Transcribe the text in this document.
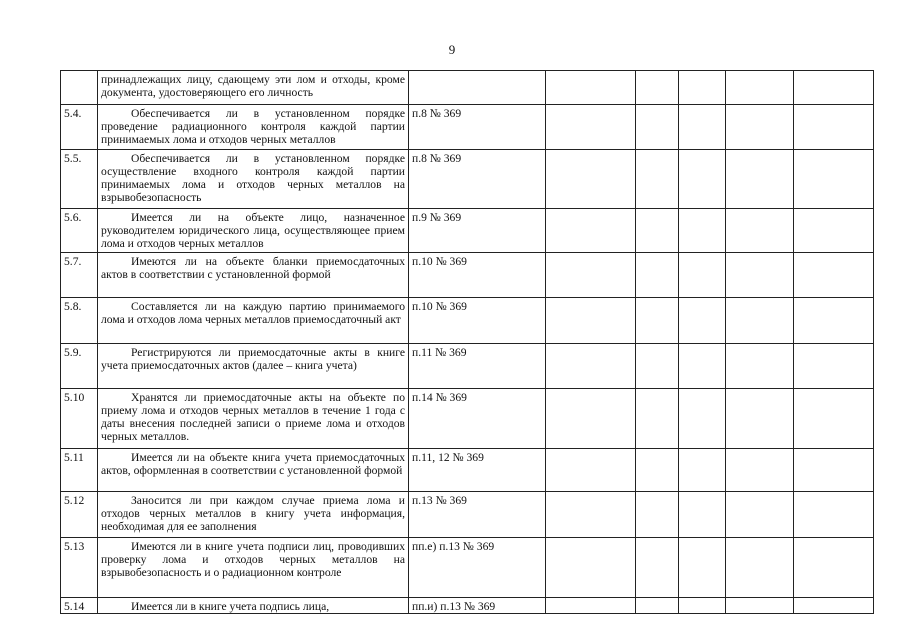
9
	принадлежащих лицу, сдающему эти лом и отходы, кроме документа, удостоверяющего его личность						
5.4.	Обеспечивается ли в установленном порядке проведение радиационного контроля каждой партии принимаемых лома и отходов черных металлов	п.8 № 369					
5.5.	Обеспечивается ли в установленном порядке осуществление входного контроля каждой партии принимаемых лома и отходов черных металлов на взрывобезопасность	п.8 № 369					
5.6.	Имеется ли на объекте лицо, назначенное руководителем юридического лица, осуществляющее прием лома и отходов черных металлов	п.9 № 369					
5.7.	Имеются ли на объекте бланки приемосдаточных актов в соответствии с установленной формой	п.10 № 369					
5.8.	Составляется ли на каждую партию принимаемого лома и отходов лома черных металлов приемосдаточный акт	п.10 № 369					
5.9.	Регистрируются ли приемосдаточные акты в книге учета приемосдаточных актов (далее – книга учета)	п.11 № 369					
5.10	Хранятся ли приемосдаточные акты на объекте по приему лома и отходов черных металлов в течение 1 года с даты внесения последней записи о приеме лома и отходов черных металлов.	п.14 № 369					
5.11	Имеется ли на объекте книга учета приемосдаточных актов, оформленная в соответствии с установленной формой	п.11, 12 № 369					
5.12	Заносится ли при каждом случае приема лома и отходов черных металлов в книгу учета информация, необходимая для ее заполнения	п.13 № 369					
5.13	Имеются ли в книге учета подписи лиц, проводивших проверку лома и отходов черных металлов на взрывобезопасность и о радиационном контроле	пп.е) п.13 № 369					
5.14	Имеется ли в книге учета подпись лица,	пп.и) п.13 № 369					
